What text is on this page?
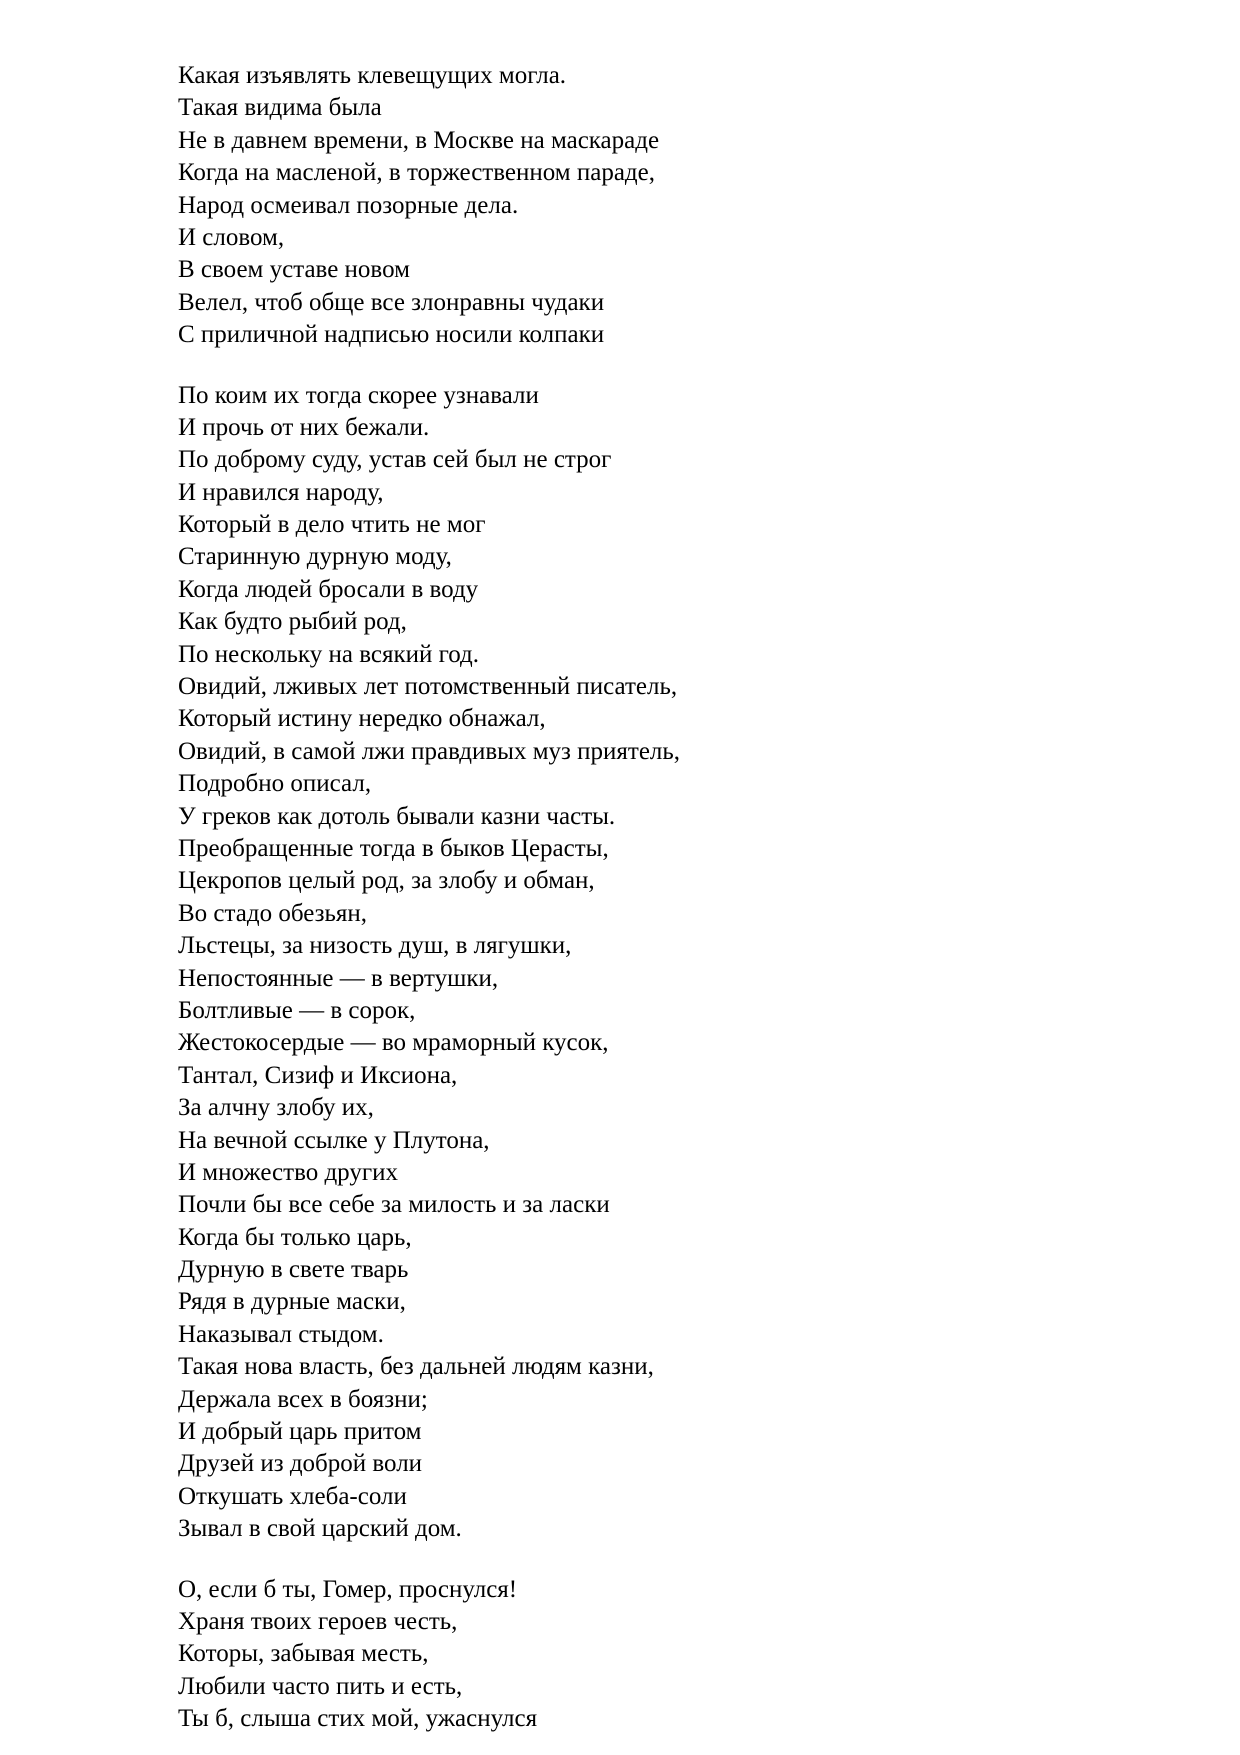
Какая изъявлять клевещущих могла.
Такая видима была
Не в давнем времени, в Москве на маскараде
Когда на масленой, в торжественном параде,
Народ осмеивал позорные дела.
И словом,
В своем уставе новом
Велел, чтоб обще все злонравны чудаки
С приличной надписью носили колпаки
По коим их тогда скорее узнавали
И прочь от них бежали.
По доброму суду, устав сей был не строг
И нравился народу,
Который в дело чтить не мог
Старинную дурную моду,
Когда людей бросали в воду
Как будто рыбий род,
По нескольку на всякий год.
Овидий, лживых лет потомственный писатель,
Который истину нередко обнажал,
Овидий, в самой лжи правдивых муз приятель,
Подробно описал,
У греков как дотоль бывали казни часты.
Преобращенные тогда в быков Церасты,
Цекропов целый род, за злобу и обман,
Во стадо обезьян,
Льстецы, за низость душ, в лягушки,
Непостоянные — в вертушки,
Болтливые — в сорок,
Жестокосердые — во мраморный кусок,
Тантал, Сизиф и Иксиона,
За алчну злобу их,
На вечной ссылке у Плутона,
И множество других
Почли бы все себе за милость и за ласки
Когда бы только царь,
Дурную в свете тварь
Рядя в дурные маски,
Наказывал стыдом.
Такая нова власть, без дальней людям казни,
Держала всех в боязни;
И добрый царь притом
Друзей из доброй воли
Откушать хлеба-соли
Зывал в свой царский дом.
О, если б ты, Гомер, проснулся!
Храня твоих героев честь,
Которы, забывая месть,
Любили часто пить и есть,
Ты б, слыша стих мой, ужаснулся
